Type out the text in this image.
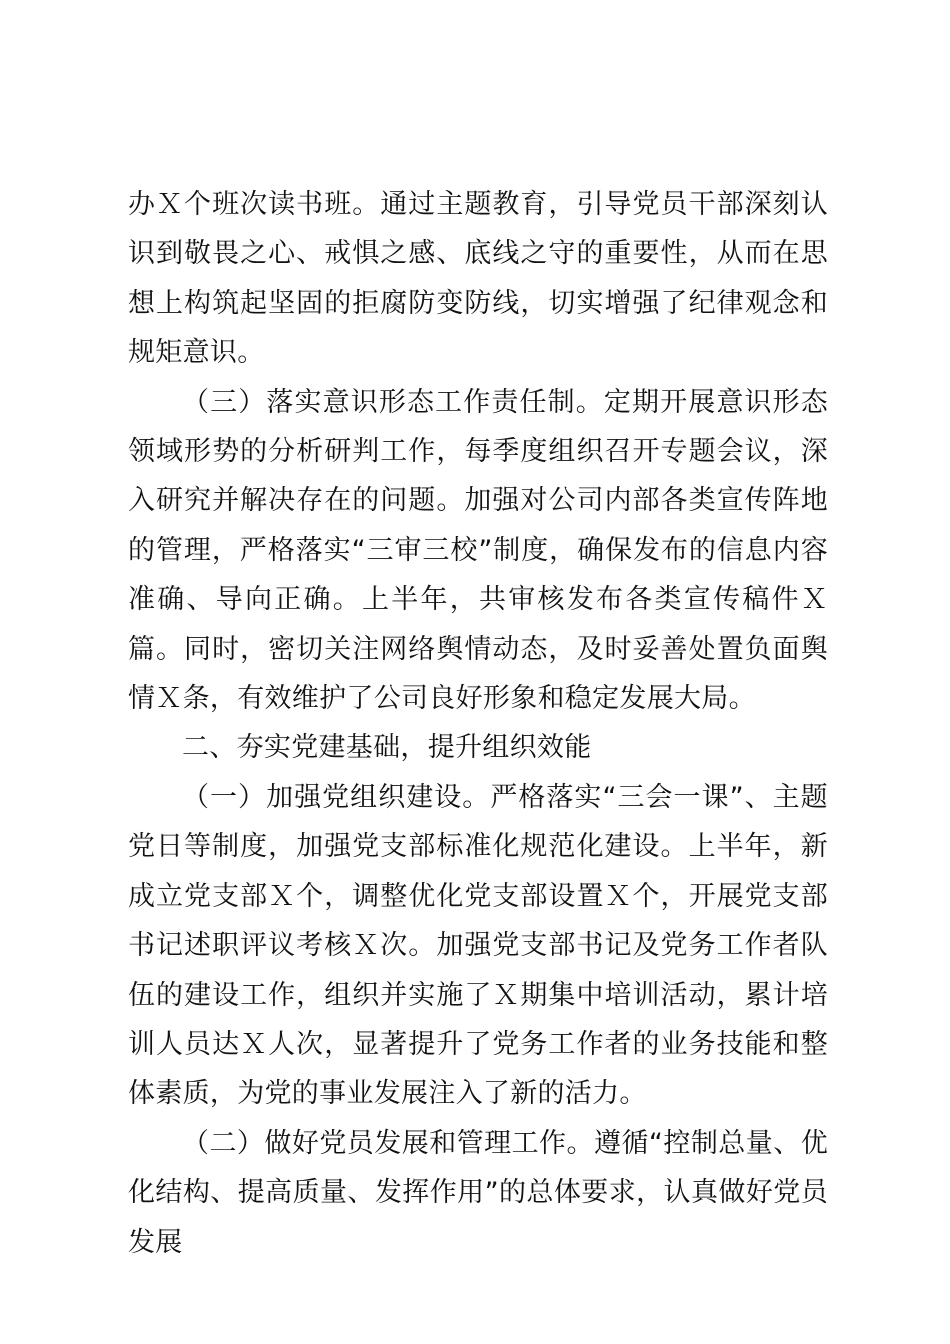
办Ｘ个班次读书班。通过主题教育，引导党员干部深刻认识到敬畏之心、戒惧之感、底线之守的重要性，从而在思想上构筑起坚固的拒腐防变防线，切实增强了纪律观念和规矩意识。

（三）落实意识形态工作责任制。定期开展意识形态领域形势的分析研判工作，每季度组织召开专题会议，深入研究并解决存在的问题。加强对公司内部各类宣传阵地的管理，严格落实“三审三校”制度，确保发布的信息内容准确、导向正确。上半年，共审核发布各类宣传稿件Ｘ篇。同时，密切关注网络舆情动态，及时妥善处置负面舆情Ｘ条，有效维护了公司良好形象和稳定发展大局。

二、夯实党建基础，提升组织效能

（一）加强党组织建设。严格落实“三会一课”、主题党日等制度，加强党支部标准化规范化建设。上半年，新成立党支部Ｘ个，调整优化党支部设置Ｘ个，开展党支部书记述职评议考核Ｘ次。加强党支部书记及党务工作者队伍的建设工作，组织并实施了Ｘ期集中培训活动，累计培训人员达Ｘ人次，显著提升了党务工作者的业务技能和整体素质，为党的事业发展注入了新的活力。

（二）做好党员发展和管理工作。遵循“控制总量、优化结构、提高质量、发挥作用”的总体要求，认真做好党员发展
